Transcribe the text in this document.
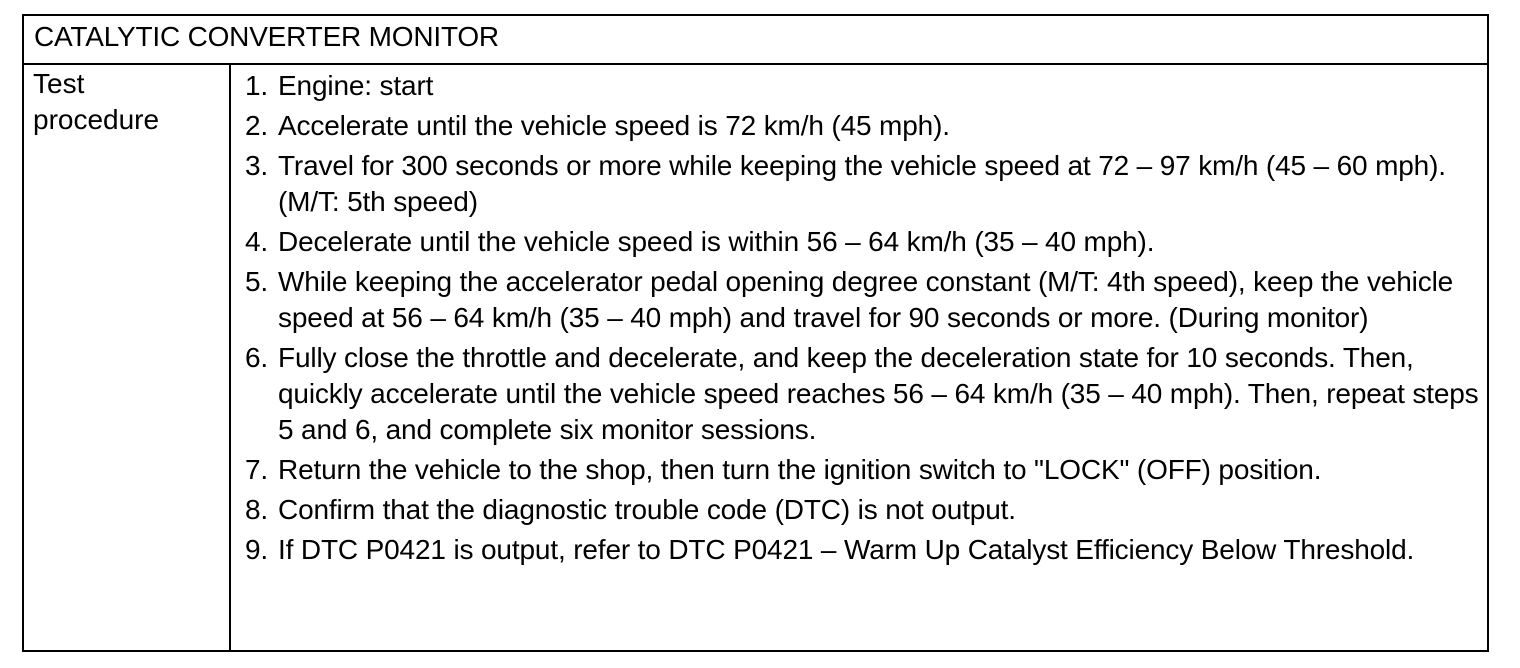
CATALYTIC CONVERTER MONITOR
Test procedure
1. Engine: start
2. Accelerate until the vehicle speed is 72 km/h (45 mph).
3. Travel for 300 seconds or more while keeping the vehicle speed at 72 – 97 km/h (45 – 60 mph). (M/T: 5th speed)
4. Decelerate until the vehicle speed is within 56 – 64 km/h (35 – 40 mph).
5. While keeping the accelerator pedal opening degree constant (M/T: 4th speed), keep the vehicle speed at 56 – 64 km/h (35 – 40 mph) and travel for 90 seconds or more. (During monitor)
6. Fully close the throttle and decelerate, and keep the deceleration state for 10 seconds. Then, quickly accelerate until the vehicle speed reaches 56 – 64 km/h (35 – 40 mph). Then, repeat steps 5 and 6, and complete six monitor sessions.
7. Return the vehicle to the shop, then turn the ignition switch to "LOCK" (OFF) position.
8. Confirm that the diagnostic trouble code (DTC) is not output.
9. If DTC P0421 is output, refer to DTC P0421 – Warm Up Catalyst Efficiency Below Threshold.
